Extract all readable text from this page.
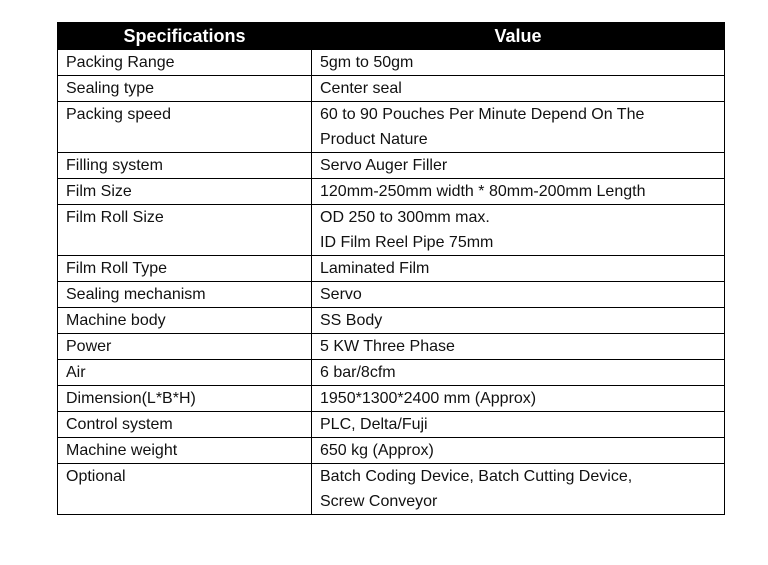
Specifications	Value
Packing Range	5gm to 50gm
Sealing type	Center seal
Packing speed	60 to 90 Pouches Per Minute Depend On The
Product Nature
Filling system	Servo Auger Filler
Film Size	120mm-250mm width * 80mm-200mm Length
Film Roll Size	OD 250 to 300mm max.
ID Film Reel Pipe 75mm
Film Roll Type	Laminated Film
Sealing mechanism	Servo
Machine body	SS Body
Power	5 KW Three Phase
Air	6 bar/8cfm
Dimension(L*B*H)	1950*1300*2400 mm (Approx)
Control system	PLC, Delta/Fuji
Machine weight	650 kg (Approx)
Optional	Batch Coding Device, Batch Cutting Device,
Screw Conveyor
